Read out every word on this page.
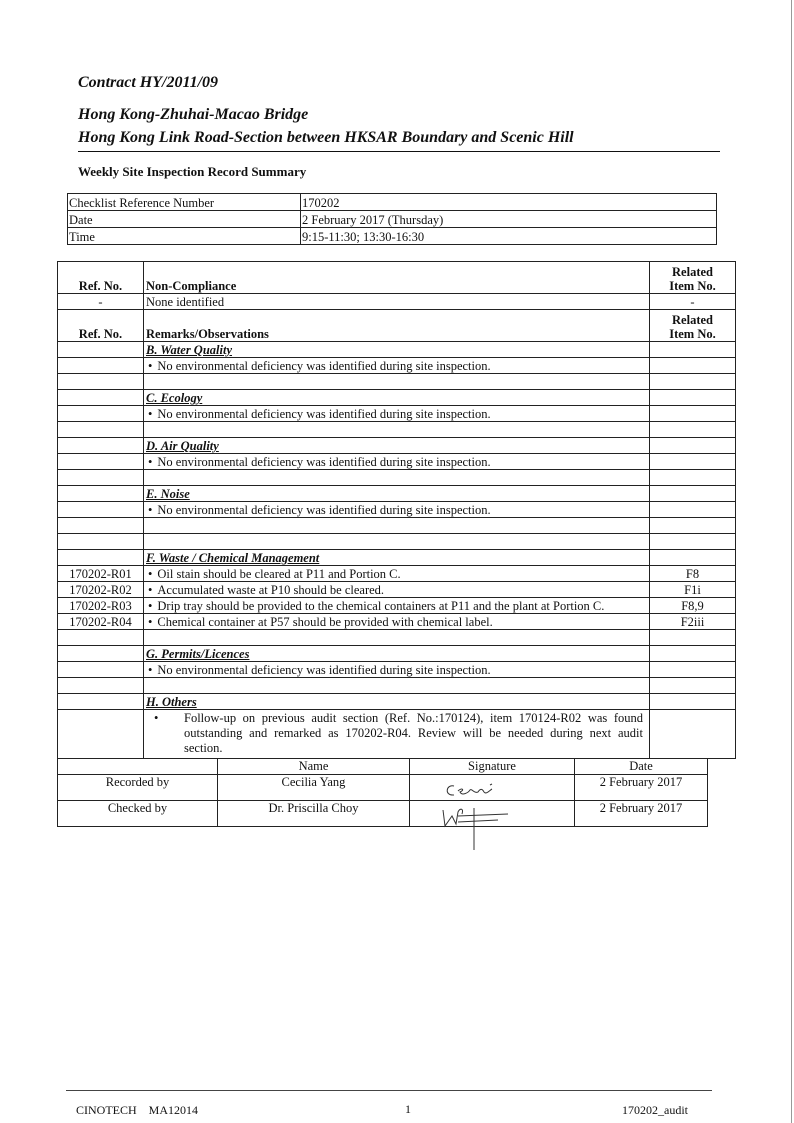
Contract HY/2011/09
Hong Kong-Zhuhai-Macao Bridge
Hong Kong Link Road-Section between HKSAR Boundary and Scenic Hill
Weekly Site Inspection Record Summary
Checklist Reference Number	170202
Date	2 February 2017 (Thursday)
Time	9:15-11:30; 13:30-16:30
Ref. No.	Non-Compliance	Related
Item No.
-	None identified	-
Ref. No.	Remarks/Observations	Related
Item No.
	B. Water Quality	
	• No environmental deficiency was identified during site inspection.	

	C. Ecology	
	• No environmental deficiency was identified during site inspection.	

	D. Air Quality	
	• No environmental deficiency was identified during site inspection.	

	E. Noise	
	• No environmental deficiency was identified during site inspection.	

	F. Waste / Chemical Management	
170202-R01	• Oil stain should be cleared at P11 and Portion C.	F8
170202-R02	• Accumulated waste at P10 should be cleared.	F1i
170202-R03	• Drip tray should be provided to the chemical containers at P11 and the plant at Portion C.	F8,9
170202-R04	• Chemical container at P57 should be provided with chemical label.	F2iii

	G. Permits/Licences	
	• No environmental deficiency was identified during site inspection.	

	H. Others	

	• Follow-up on previous audit section (Ref. No.:170124), item 170124-R02 was found outstanding and remarked as 170202-R04. Review will be needed during next audit section.	

	Name	Signature	Date
Recorded by	Cecilia Yang		2 February 2017
Checked by	Dr. Priscilla Choy		2 February 2017
CINOTECH    MA12014	1	170202_audit
